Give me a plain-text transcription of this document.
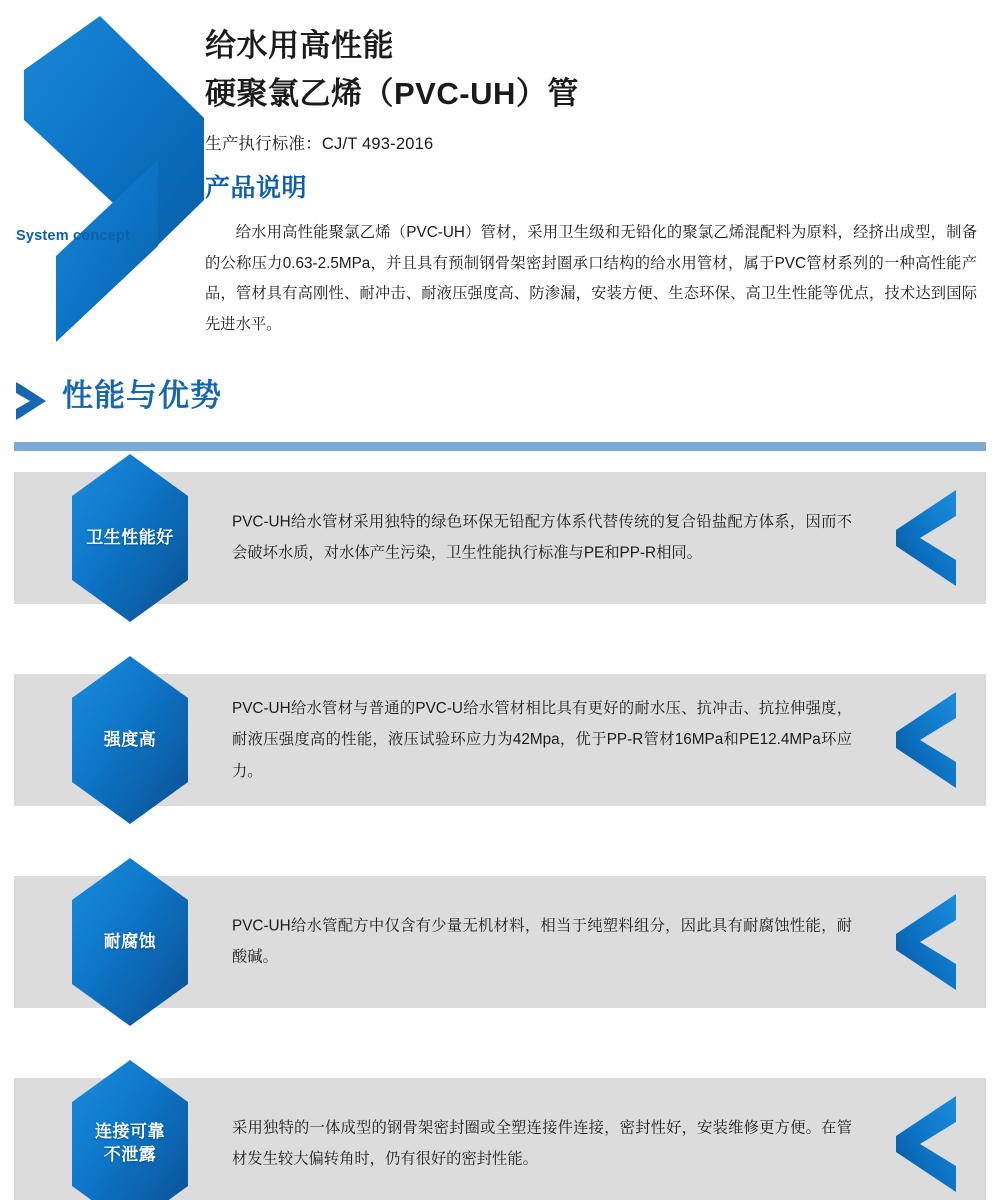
System concept
给水用高性能
硬聚氯乙烯（PVC-UH）管
生产执行标准：CJ/T 493-2016
产品说明
给水用高性能聚氯乙烯（PVC-UH）管材，采用卫生级和无铅化的聚氯乙烯混配料为原料，经挤出成型，制备的公称压力0.63-2.5MPa，并且具有预制钢骨架密封圈承口结构的给水用管材，属于PVC管材系列的一种高性能产品，管材具有高刚性、耐冲击、耐液压强度高、防渗漏，安装方便、生态环保、高卫生性能等优点，技术达到国际先进水平。
性能与优势
卫生性能好
PVC-UH给水管材采用独特的绿色环保无铅配方体系代替传统的复合铅盐配方体系，因而不会破坏水质，对水体产生污染，卫生性能执行标准与PE和PP-R相同。
强度高
PVC-UH给水管材与普通的PVC-U给水管材相比具有更好的耐水压、抗冲击、抗拉伸强度，耐液压强度高的性能，液压试验环应力为42Mpa，优于PP-R管材16MPa和PE12.4MPa环应力。
耐腐蚀
PVC-UH给水管配方中仅含有少量无机材料，相当于纯塑料组分，因此具有耐腐蚀性能，耐酸碱。
连接可靠
不泄露
采用独特的一体成型的钢骨架密封圈或全塑连接件连接，密封性好，安装维修更方便。在管材发生较大偏转角时，仍有很好的密封性能。
